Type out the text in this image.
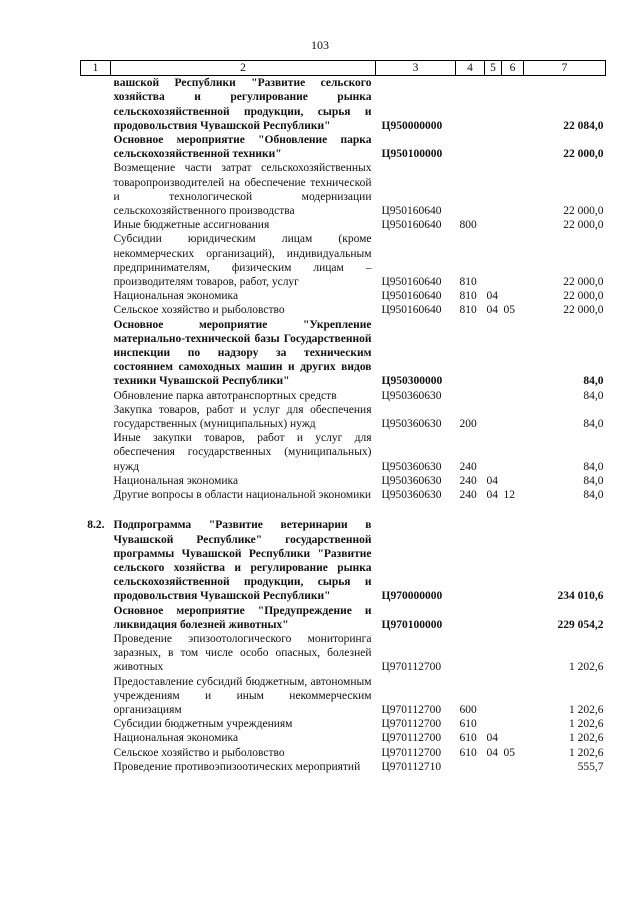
103
1	2	3	4	5	6	7
	вашской Республики "Развитие сельского хозяйства и регулирование рынка сельскохозяйственной продукции, сырья и продовольствия Чувашской Республики"	Ц950000000				22 084,0
	Основное мероприятие "Обновление парка сельскохозяйственной техники"	Ц950100000				22 000,0
	Возмещение части затрат сельскохозяйственных товаропроизводителей на обеспечение технической и технологической модернизации сельскохозяйственного производства	Ц950160640				22 000,0
	Иные бюджетные ассигнования	Ц950160640	800			22 000,0
	Субсидии юридическим лицам (кроме некоммерческих организаций), индивидуальным предпринимателям, физическим лицам – производителям товаров, работ, услуг	Ц950160640	810			22 000,0
	Национальная экономика	Ц950160640	810	04		22 000,0
	Сельское хозяйство и рыболовство	Ц950160640	810	04	05	22 000,0
	Основное мероприятие "Укрепление материально-технической базы Государственной инспекции по надзору за техническим состоянием самоходных машин и других видов техники Чувашской Республики"	Ц950300000				84,0
	Обновление парка автотранспортных средств	Ц950360630				84,0
	Закупка товаров, работ и услуг для обеспечения государственных (муниципальных) нужд	Ц950360630	200			84,0
	Иные закупки товаров, работ и услуг для обеспечения государственных (муниципальных) нужд	Ц950360630	240			84,0
	Национальная экономика	Ц950360630	240	04		84,0
	Другие вопросы в области национальной экономики	Ц950360630	240	04	12	84,0

8.2.	Подпрограмма "Развитие ветеринарии в Чувашской Республике" государственной программы Чувашской Республики "Развитие сельского хозяйства и регулирование рынка сельскохозяйственной продукции, сырья и продовольствия Чувашской Республики"	Ц970000000				234 010,6
	Основное мероприятие "Предупреждение и ликвидация болезней животных"	Ц970100000				229 054,2
	Проведение эпизоотологического мониторинга заразных, в том числе особо опасных, болезней животных	Ц970112700				1 202,6
	Предоставление субсидий бюджетным, автономным учреждениям и иным некоммерческим организациям	Ц970112700	600			1 202,6
	Субсидии бюджетным учреждениям	Ц970112700	610			1 202,6
	Национальная экономика	Ц970112700	610	04		1 202,6
	Сельское хозяйство и рыболовство	Ц970112700	610	04	05	1 202,6
	Проведение противоэпизоотических мероприятий	Ц970112710				555,7
